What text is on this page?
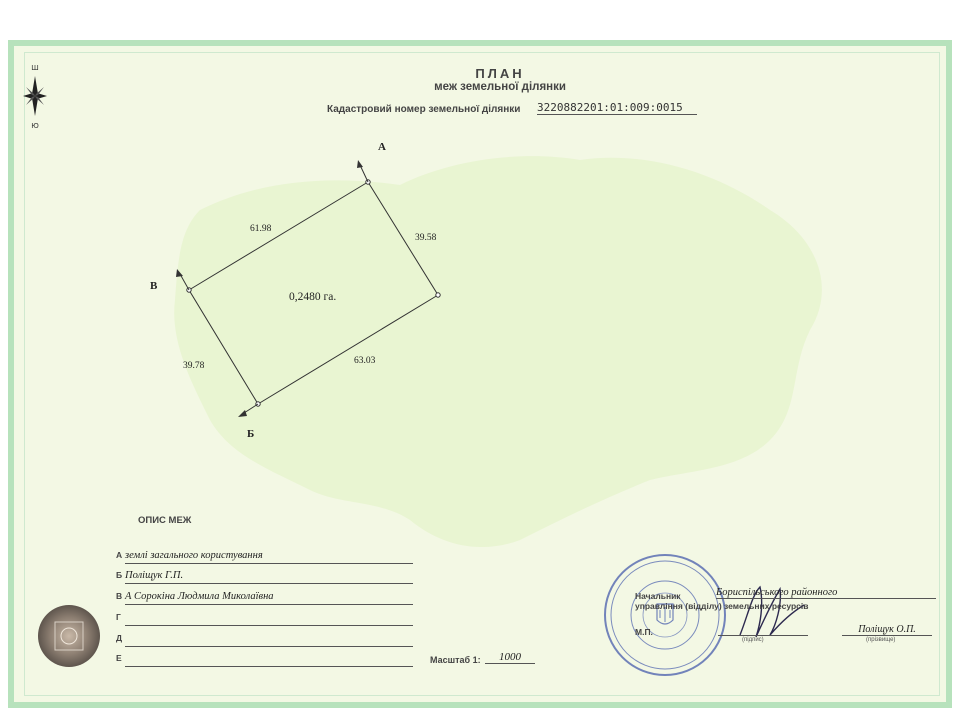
Ш
Ю
ПЛАН
меж земельної ділянки
Кадастровий номер земельної ділянки 3220882201:01:009:0015
А
Б
В
61.98
39.58
63.03
39.78
0,2480 га.
ОПИС МЕЖ
А землі загального користування
Б Поліщук Г.П.
В А Сорокіна Людмила Миколаївна
Г
Д
Е	Масштаб 1:	1000
Начальник	Бориспільського районного
управління (відділу) земельних ресурсів
М.П.
(підпис)
Поліщук О.П.
(прізвище)
